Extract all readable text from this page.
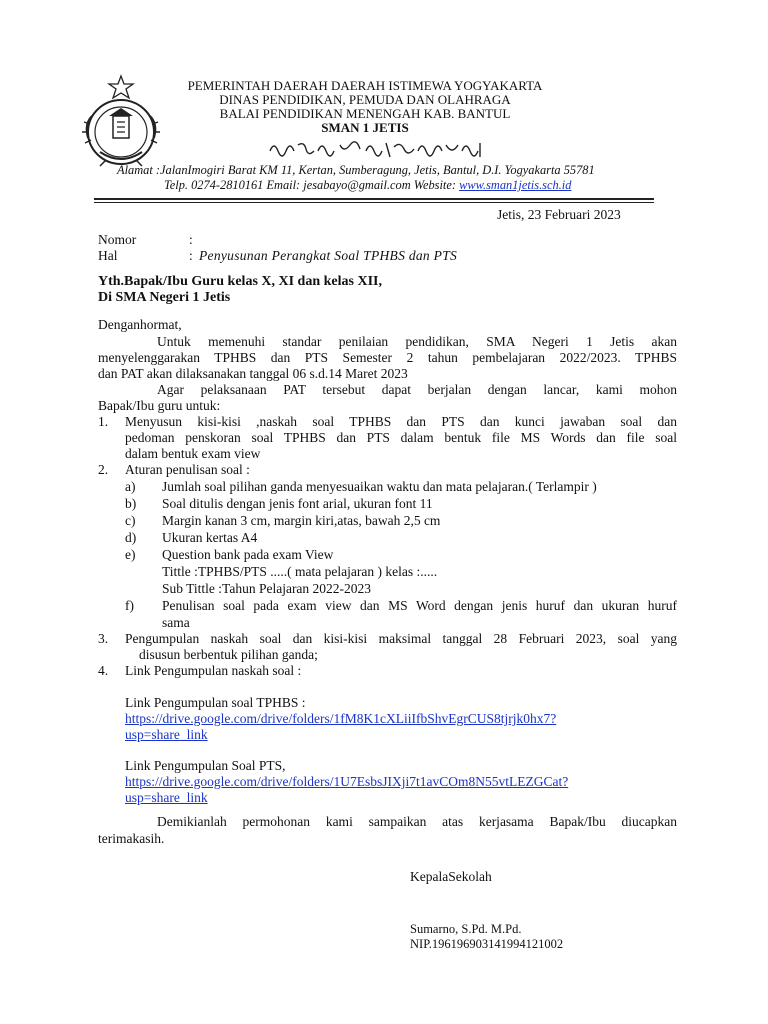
PEMERINTAH DAERAH DAERAH ISTIMEWA YOGYAKARTA
DINAS PENDIDIKAN, PEMUDA DAN OLAHRAGA
BALAI PENDIDIKAN MENENGAH KAB. BANTUL
SMAN 1 JETIS
Alamat :JalanImogiri Barat KM 11, Kertan, Sumberagung, Jetis, Bantul, D.I. Yogyakarta 55781
Telp. 0274-2810161 Email: jesabayo@gmail.com Website: www.sman1jetis.sch.id
Jetis, 23 Februari 2023
Nomor	:
Hal	: Penyusunan Perangkat Soal TPHBS dan PTS
Yth.Bapak/Ibu Guru kelas X, XI dan kelas XII,
Di SMA Negeri 1 Jetis
Denganhormat,
Untuk memenuhi standar penilaian pendidikan, SMA Negeri 1 Jetis akan
menyelenggarakan TPHBS dan PTS Semester 2 tahun pembelajaran 2022/2023. TPHBS
dan PAT akan dilaksanakan tanggal 06 s.d.14 Maret 2023
Agar pelaksanaan PAT tersebut dapat berjalan dengan lancar, kami mohon
Bapak/Ibu guru untuk:
1. Menyusun kisi-kisi ,naskah soal TPHBS dan PTS dan kunci jawaban soal dan
pedoman penskoran soal TPHBS dan PTS dalam bentuk file MS Words dan file soal
dalam bentuk exam view
2. Aturan penulisan soal :
a) Jumlah soal pilihan ganda menyesuaikan waktu dan mata pelajaran.( Terlampir )
b) Soal ditulis dengan jenis font arial, ukuran font 11
c) Margin kanan 3 cm, margin kiri,atas, bawah 2,5 cm
d) Ukuran kertas A4
e) Question bank pada exam View
Tittle :TPHBS/PTS .....( mata pelajaran ) kelas :.....
Sub Tittle :Tahun Pelajaran 2022-2023
f) Penulisan soal pada exam view dan MS Word dengan jenis huruf dan ukuran huruf
sama
3. Pengumpulan naskah soal dan kisi-kisi maksimal tanggal 28 Februari 2023, soal yang
disusun berbentuk pilihan ganda;
4. Link Pengumpulan naskah soal :
Link Pengumpulan soal TPHBS :
https://drive.google.com/drive/folders/1fM8K1cXLiiIfbShvEgrCUS8tjrjk0hx7?
usp=share_link
Link Pengumpulan Soal PTS,
https://drive.google.com/drive/folders/1U7EsbsJIXji7t1avCOm8N55vtLEZGCat?
usp=share_link
Demikianlah permohonan kami sampaikan atas kerjasama Bapak/Ibu diucapkan
terimakasih.
KepalaSekolah
Sumarno, S.Pd. M.Pd.
NIP.196196903141994121002
